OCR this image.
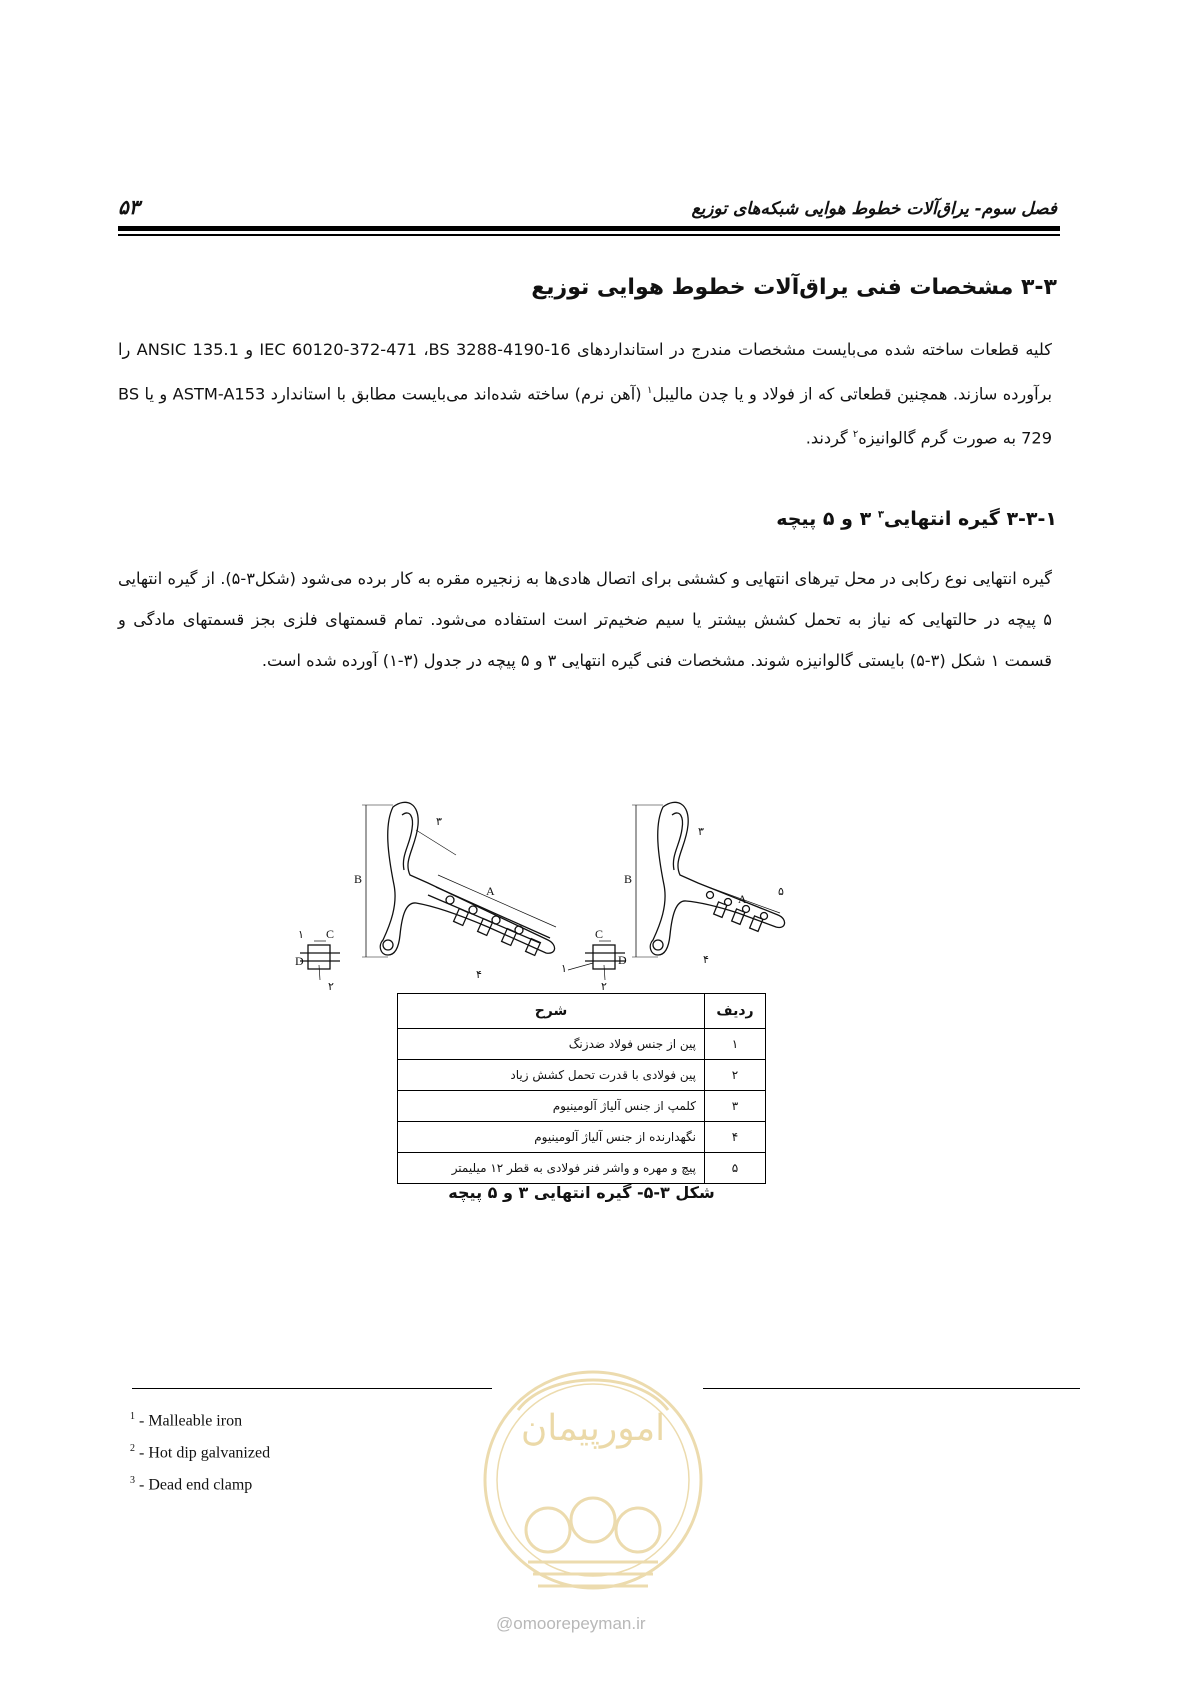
فصل سوم- یراق‌آلات خطوط هوایی شبکه‌های توزیع
۵۳
۳-۳ مشخصات فنی یراق‌آلات خطوط هوایی توزیع
کلیه قطعات ساخته شده می‌بایست مشخصات مندرج در استانداردهای IEC 60120-372-471 ،BS 3288-4190-16 و ANSIC 135.1 را برآورده سازند. همچنین قطعاتی که از فولاد و یا چدن مالیبل$^۱$ (آهن نرم) ساخته شده‌اند می‌بایست مطابق با استاندارد ASTM-A153 و یا BS 729 به صورت گرم گالوانیزه$^۲$ گردند.
۳-۳-۱ گیره انتهایی$^۳$ ۳ و ۵ پیچه
گیره انتهایی نوع رکابی در محل تیرهای انتهایی و کششی برای اتصال هادی‌ها به زنجیره مقره به کار برده می‌شود (شکل۳-۵). از گیره انتهایی ۵ پیچه در حالتهایی که نیاز به تحمل کشش بیشتر یا سیم ضخیم‌تر است استفاده می‌شود. تمام قسمتهای فلزی بجز قسمتهای مادگی و قسمت ۱ شکل (۳-۵) بایستی گالوانیزه شوند. مشخصات فنی گیره انتهایی ۳ و ۵ پیچه در جدول (۳-۱) آورده شده است.
B
A
C
D
B
A
C
D
۳
۴
۱
۲
۳
۵
۴
۱
۲
ردیف	شرح
۱	پین از جنس فولاد ضدزنگ
۲	پین فولادی با قدرت تحمل کشش زیاد
۳	کلمپ از جنس آلیاژ آلومینیوم
۴	نگهدارنده از جنس آلیاژ آلومینیوم
۵	پیچ و مهره و واشر فنر فولادی به قطر ۱۲ میلیمتر
شکل ۳-۵- گیره انتهایی ۳ و ۵ پیچه
امورپیمان
@omoorepeyman.ir
$^1$ - Malleable iron
$^2$ - Hot dip galvanized
$^3$ - Dead end clamp
